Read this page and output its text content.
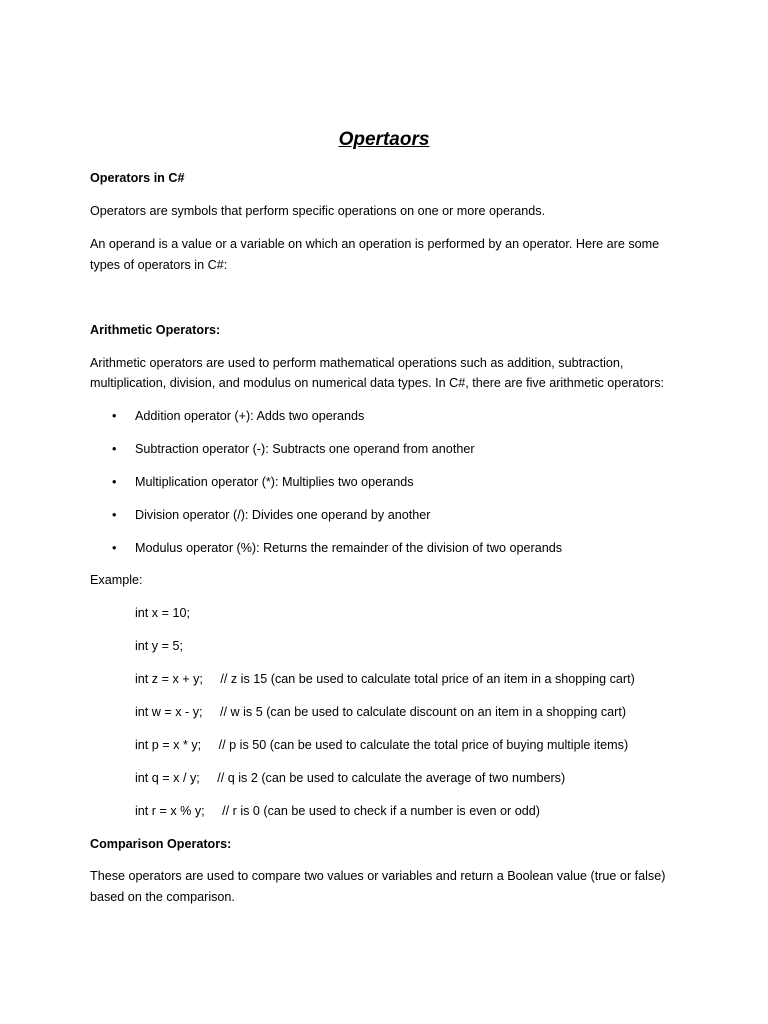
Opertaors
Operators in C#
Operators are symbols that perform specific operations on one or more operands.
An operand is a value or a variable on which an operation is performed by an operator. Here are some
types of operators in C#:
Arithmetic Operators:
Arithmetic operators are used to perform mathematical operations such as addition, subtraction,
multiplication, division, and modulus on numerical data types. In C#, there are five arithmetic operators:
• Addition operator (+): Adds two operands
• Subtraction operator (-): Subtracts one operand from another
• Multiplication operator (*): Multiplies two operands
• Division operator (/): Divides one operand by another
• Modulus operator (%): Returns the remainder of the division of two operands
Example:
int x = 10;
int y = 5;
int z = x + y;     // z is 15 (can be used to calculate total price of an item in a shopping cart)
int w = x - y;     // w is 5 (can be used to calculate discount on an item in a shopping cart)
int p = x * y;     // p is 50 (can be used to calculate the total price of buying multiple items)
int q = x / y;     // q is 2 (can be used to calculate the average of two numbers)
int r = x % y;     // r is 0 (can be used to check if a number is even or odd)
Comparison Operators:
These operators are used to compare two values or variables and return a Boolean value (true or false)
based on the comparison.
